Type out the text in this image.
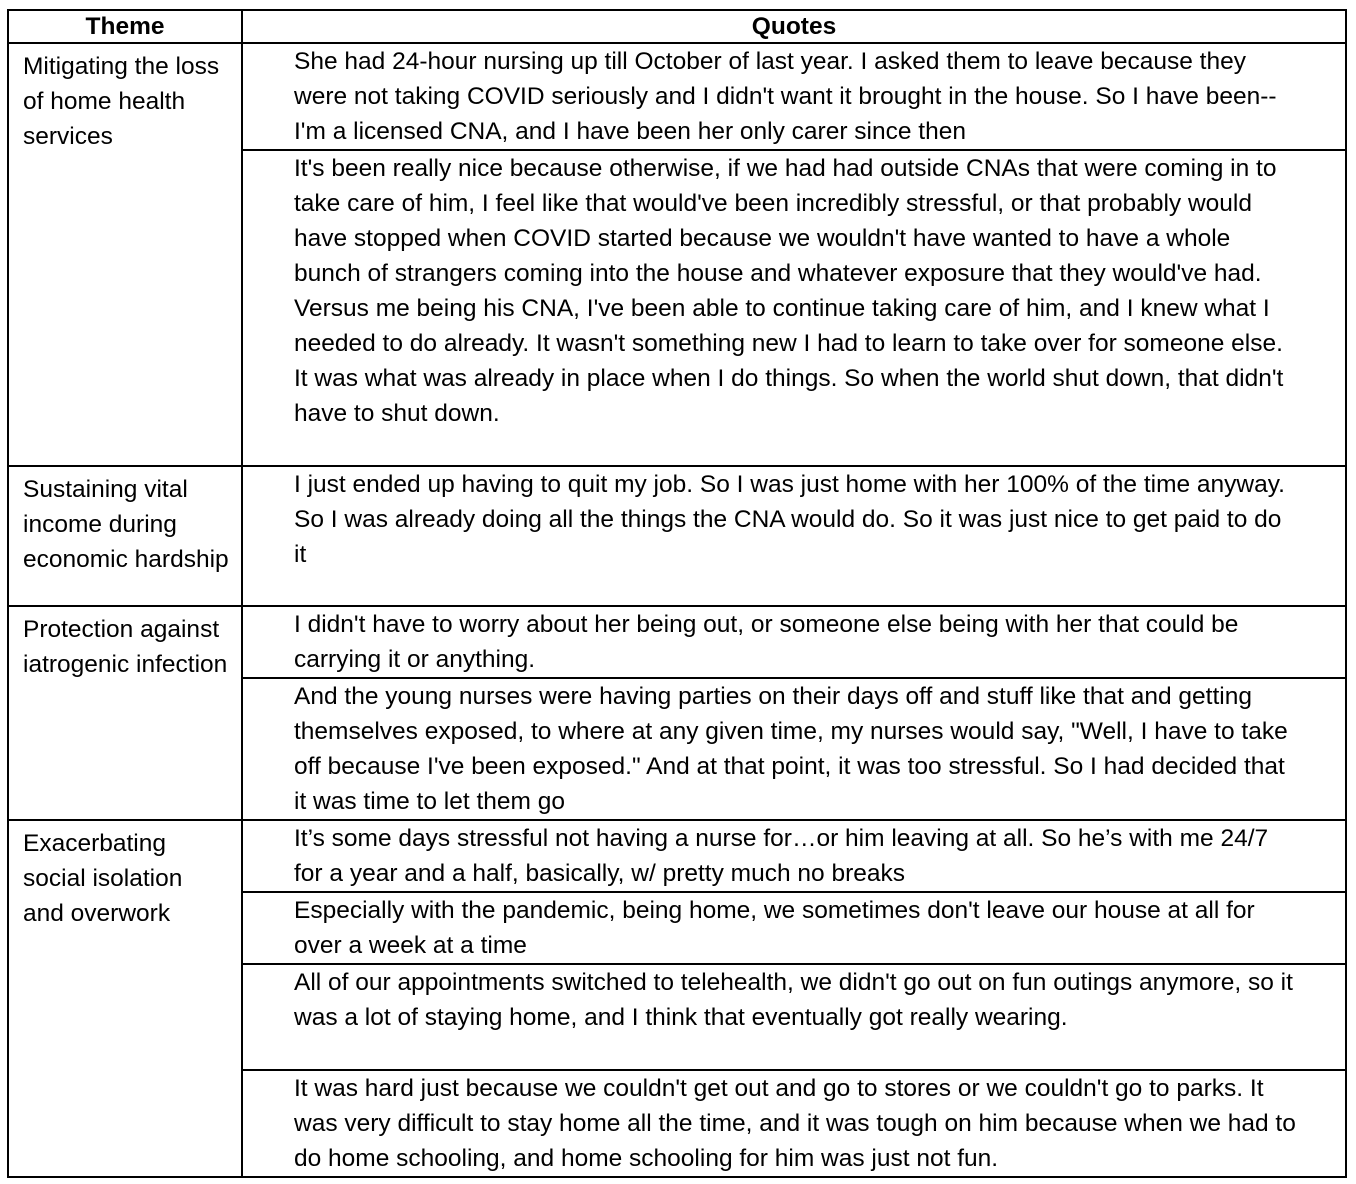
Theme	Quotes

Mitigating the loss of home health services	She had 24-hour nursing up till October of last year. I asked them to leave because they were not taking COVID seriously and I didn't want it brought in the house. So I have been-- I'm a licensed CNA, and I have been her only carer since then

	It's been really nice because otherwise, if we had had outside CNAs that were coming in to take care of him, I feel like that would've been incredibly stressful, or that probably would have stopped when COVID started because we wouldn't have wanted to have a whole bunch of strangers coming into the house and whatever exposure that they would've had. Versus me being his CNA, I've been able to continue taking care of him, and I knew what I needed to do already. It wasn't something new I had to learn to take over for someone else. It was what was already in place when I do things. So when the world shut down, that didn't have to shut down.

Sustaining vital income during economic hardship	I just ended up having to quit my job. So I was just home with her 100% of the time anyway. So I was already doing all the things the CNA would do. So it was just nice to get paid to do it

Protection against iatrogenic infection	I didn't have to worry about her being out, or someone else being with her that could be carrying it or anything.

	And the young nurses were having parties on their days off and stuff like that and getting themselves exposed, to where at any given time, my nurses would say, "Well, I have to take off because I've been exposed." And at that point, it was too stressful. So I had decided that it was time to let them go

Exacerbating social isolation and overwork	It’s some days stressful not having a nurse for…or him leaving at all. So he’s with me 24/7 for a year and a half, basically, w/ pretty much no breaks

	Especially with the pandemic, being home, we sometimes don't leave our house at all for over a week at a time

	All of our appointments switched to telehealth, we didn't go out on fun outings anymore, so it was a lot of staying home, and I think that eventually got really wearing.

	It was hard just because we couldn't get out and go to stores or we couldn't go to parks. It was very difficult to stay home all the time, and it was tough on him because when we had to do home schooling, and home schooling for him was just not fun.
